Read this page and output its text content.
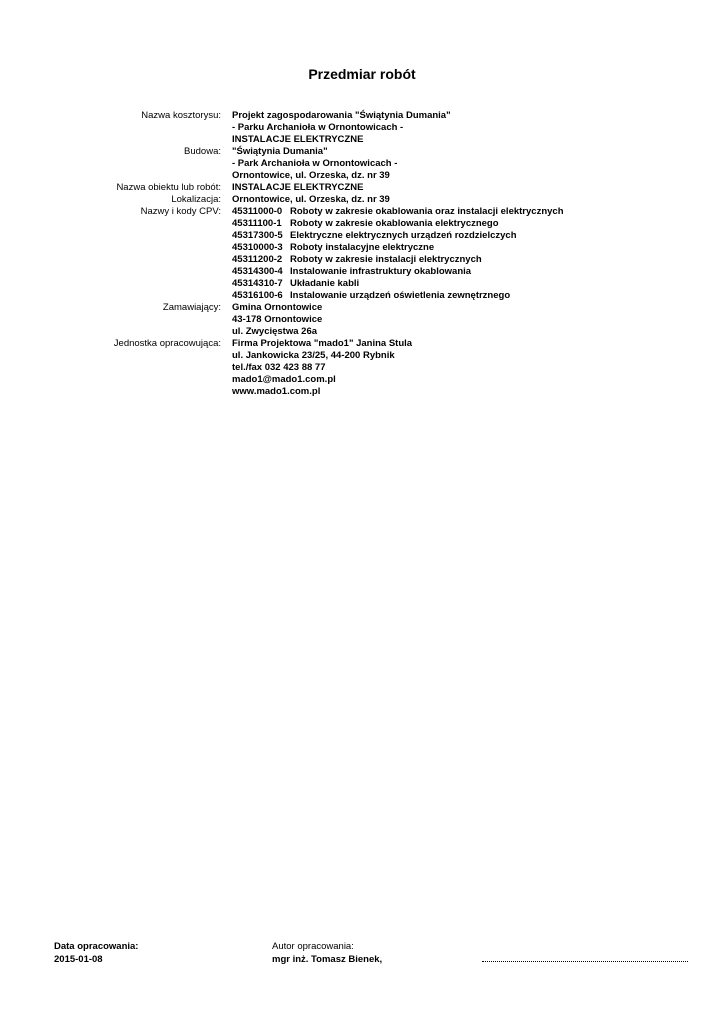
Przedmiar robót
Nazwa kosztorysu:	Projekt zagospodarowania "Świątynia Dumania"
- Parku Archanioła w Ornontowicach -
INSTALACJE ELEKTRYCZNE
Budowa:	"Świątynia Dumania"
- Park Archanioła w Ornontowicach -
Ornontowice, ul. Orzeska, dz. nr 39
Nazwa obiektu lub robót:	INSTALACJE ELEKTRYCZNE
Lokalizacja:	Ornontowice, ul. Orzeska, dz. nr 39
Nazwy i kody CPV:	45311000-0 Roboty w zakresie okablowania oraz instalacji elektrycznych
45311100-1 Roboty w zakresie okablowania elektrycznego
45317300-5 Elektryczne elektrycznych urządzeń rozdzielczych
45310000-3 Roboty instalacyjne elektryczne
45311200-2 Roboty w zakresie instalacji elektrycznych
45314300-4 Instalowanie infrastruktury okablowania
45314310-7 Układanie kabli
45316100-6 Instalowanie urządzeń oświetlenia zewnętrznego
Zamawiający:	Gmina Ornontowice
43-178 Ornontowice
ul. Zwycięstwa 26a
Jednostka opracowująca:	Firma Projektowa "mado1" Janina Stula
ul. Jankowicka 23/25, 44-200 Rybnik
tel./fax 032 423 88 77
mado1@mado1.com.pl
www.mado1.com.pl
Data opracowania:
2015-01-08
Autor opracowania:
mgr inż. Tomasz Bienek,
